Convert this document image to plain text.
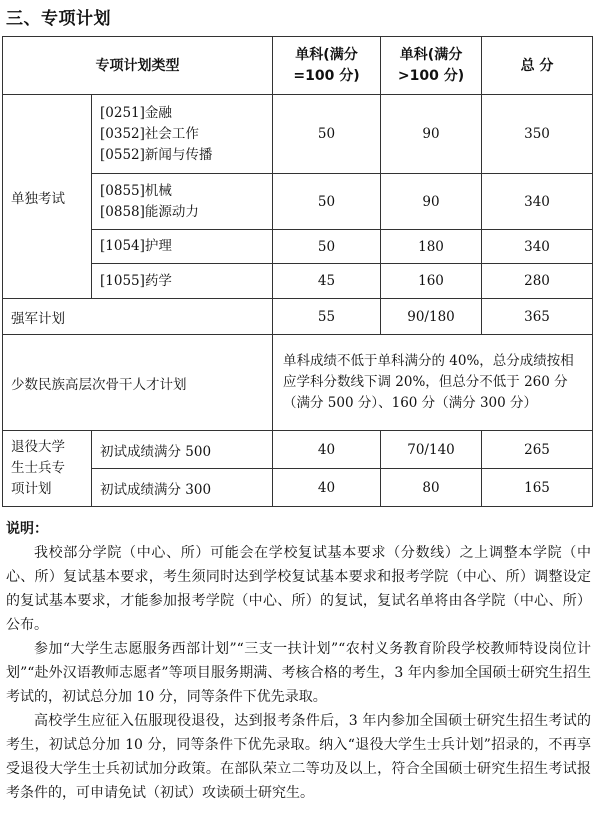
三、专项计划
专项计划类型		单科(满分
=100 分)	单科(满分
>100 分)	总 分
单独考试	[0251]金融
[0352]社会工作
[0552]新闻与传播	50	90	350

	[0855]机械
[0858]能源动力	50	90	340

	[1054]护理	50	180	340

	[1055]药学	45	160	280
强军计划		55	90/180	365
少数民族高层次骨干人才计划		单科成绩不低于单科满分的 40%，总分成绩按相应学科分数线下调 20%，但总分不低于 260 分（满分 500 分）、160 分（满分 300 分）		

退役大学
生士兵专
项计划	初试成绩满分 500	40	70/140	265
	初试成绩满分 300	40	80	165
说明：

我校部分学院（中心、所）可能会在学校复试基本要求（分数线）之上调整本学院（中心、所）复试基本要求，考生须同时达到学校复试基本要求和报考学院（中心、所）调整设定的复试基本要求，才能参加报考学院（中心、所）的复试，复试名单将由各学院（中心、所）公布。

参加“大学生志愿服务西部计划”“三支一扶计划”“农村义务教育阶段学校教师特设岗位计划”“赴外汉语教师志愿者”等项目服务期满、考核合格的考生，3 年内参加全国硕士研究生招生考试的，初试总分加 10 分，同等条件下优先录取。

高校学生应征入伍服现役退役，达到报考条件后，3 年内参加全国硕士研究生招生考试的考生，初试总分加 10 分，同等条件下优先录取。纳入“退役大学生士兵计划”招录的，不再享受退役大学生士兵初试加分政策。在部队荣立二等功及以上，符合全国硕士研究生招生考试报考条件的，可申请免试（初试）攻读硕士研究生。
